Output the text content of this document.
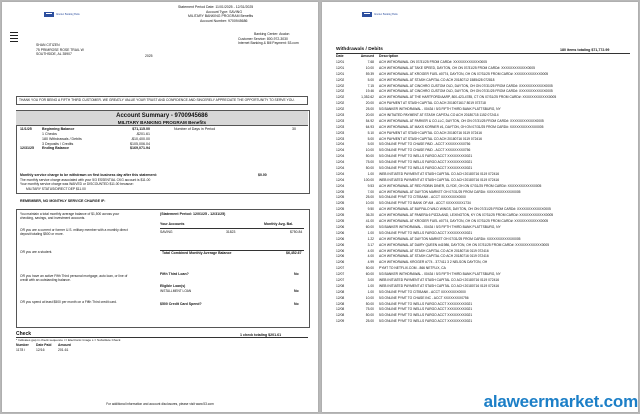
Internet Banking Bank
Statement Period Date: 11/01/2025 - 12/31/2025
Account Type: SAVING
MILITARY BANKING PROGRAM Benefits
Account Number: 9700945686
SHAN CITIZEN
75 PRIMROSE ROSE TRAIL W
SOUTHSIDE, AL 35907	2025
Banking Center: Avalon
Customer Service: 800-972-3030
Internet Banking & Bill Payment: 53.com
THANK YOU FOR BEING A FIFTH THIRD CUSTOMER. WE GREATLY VALUE YOUR TRUST AND CONFIDENCE AND SINCERELY APPRECIATE THE OPPORTUNITY TO SERVE YOU.
Account Summary - 9700945686
MILITARY BANKING PROGRAM Benefits
11/1/25	Beginning Balance	$71,115.00
1 Checks	-$201.61
180 Withdrawals / Debits	-$10,400.00
3 Deposits / Credits	$105,006.04
12/31/25	Ending Balance	$169,071.94
Number of Days in Period	30
Monthly service charge to be withdrawn on first business day after this statement:	$0.00
The monthly service charge associated with your 5/3 ESSENTIAL CKG account is $11.00
Your monthly service charge was WAIVED or DISCOUNTED $11.00 because:
MILITARY STATUS/DIRECT DEP $11.00
REMEMBER, NO MONTHLY SERVICE CHARGE IF:
You maintain a total monthly average balance of $1,500 across your checking, savings, and investment accounts.
OR you are a current or former U.S. military member with a monthly direct deposit totaling $500 or more.
OR you are a student.
OR you have an active Fifth Third personal mortgage, auto loan, or line of credit with an outstanding balance.
OR you spend at least $500 per month on a Fifth Third credit card.
(Statement Period: 12/01/25 - 12/31/25)
Your Accounts	Monthly Avg. Bal.
SAVING	31823	$750.84
Total Combined Monthly Average Balance	$6,452.67
Fifth Third Loan?	No
Eligible Loan(s)
INSTALLMENT LOAN	No
$500 Credit Card Spend?	No
Check	1 check totaling $201.61
* Indicates gap in check sequence i = Electronic Image s = Substitute Check
Number	Date Paid	Amount
1178 i	12/16	201.61
For additional information and account disclosures, please visit www.53.com
Internet Banking Bank
Withdrawals / Debits	180 items totaling $71,772.99
Date	Amount	Description
12/01	7.68	ACH WITHDRAWAL ON 07/31/25 FROM CARD#: XXXXXXXXXXXX0005
12/01	10.00	ACH WITHDRAWAL AT TAKE SPEED, DAYTON, OH ON 07/31/25 FROM CARD#: XXXXXXXXXXXX0005
12/01	59.39	ACH WITHDRAWAL AT KROGER FUEL #0774, DAYTON, OH ON 07/31/25 FROM CARD#: XXXXXXXXXXXX0005
12/02	5.00	ACH WITHDRAWAL AT STASH CAPITAL CO ACH 20180712 1585428 072818
12/02	7.15	ACH WITHDRAWAL AT CINCHRO CUSTOM OLD, DAYTON, OH ON 07/31/25 FROM CARD#: XXXXXXXXXXXX0005
12/02	19.46	ACH WITHDRAWAL AT CINCHRO CUSTOM OLD, DAYTON, OH ON 07/31/25 FROM CARD#: XXXXXXXXXXXX0005
12/02	1,352.62	ACH WITHDRAWAL AT THE HARTFORD/AARP, 800-423-4785, CT ON 07/31/25 FROM CARD#: XXXXXXXXXXXX0005
12/02	20.00	ACH PAYMENT AT STASH CAPITAL CO ACH 2018071617 8019 073718
12/02	25.00	5/3 BANKER WITHDRAWAL - 00434 / 5/3 FIFTH THIRD BANK PLATTSBURG, NY
12/03	20.00	ACH INITIATED PAYMENT AT STASH CAPITAL CO ACH 20180715 1152 072414
12/03	54.92	ACH WITHDRAWAL AT PARKER & CO.LLC, DAYTON, OH ON 07/31/25 FROM CARD#: XXXXXXXXXXXX0005
12/03	64.93	ACH WITHDRAWAL AT MAXS KORNER #1, DAYTON, OH ON 07/31/25 FROM CARD#: XXXXXXXXXXXX0005
12/03	5.10	ACH PAYMENT AT STASH CAPITAL CO ACH 20180716 0119 072416
12/03	5.00	ACH PAYMENT AT STASH CAPITAL CO ACH 20180716 0119 072416
12/04	5.00	5/3 ONLINE PYMT TO CHASE PAID - ACCT XXXXXXXX0756
12/04	10.00	5/3 ONLINE PYMT TO CHASE PAID - ACCT XXXXXXXX0756
12/04	50.00	5/3 ONLINE PYMT TO WELLS FARGO ACCT XXXXXXXX0021
12/04	75.00	5/3 ONLINE PYMT TO WELLS FARGO ACCT XXXXXXXX0021
12/04	50.00	5/3 ONLINE PYMT TO WELLS FARGO ACCT XXXXXXXX0021
12/04	1.00	WEB INITIATED PAYMENT AT STASH CAPITAL CO ACH 20180716 0119 072416
12/04	100.00	WEB INITIATED PAYMENT AT STASH CAPITAL CO ACH 20180716 0119 072416
12/04	9.53	ACH WITHDRAWAL AT RED ROBIN DINER, CLYDE, OH ON 07/31/25 FROM CARD#: XXXXXXXXXXXX0005
12/05	7.00	ACH WITHDRAWAL AT DAYTON MARKET OH 07/31/25 FROM CARD#: XXXXXXXXXXXX0005
12/05	25.00	5/3 ONLINE PYMT TO CITIBANK - ACCT XXXXXXXX0000
12/05	10.00	5/3 ONLINE PYMT TO BANK OF AM - ACCT XXXXXXXX1734
12/05	9.50	ACH WITHDRAWAL AT BUFFALO WILD WINGS, DAYTON, OH ON 07/31/25 FROM CARD#: XXXXXXXXXXXX0005
12/05	36.20	ACH WITHDRAWAL AT PANERA 6 PIZZA AND, LEXINGTON, KY ON 07/31/25 FROM CARD#: XXXXXXXXXXXX0005
12/05	41.00	ACH WITHDRAWAL AT KROGER FUEL #0774, DAYTON, OH ON 07/31/25 FROM CARD#: XXXXXXXXXXXX0005
12/06	60.00	5/3 BANKER WITHDRAWAL - 00434 / 5/3 FIFTH THIRD BANK PLATTSBURG, NY
12/06	1.00	5/3 ONLINE PYMT TO WELLS FARGO ACCT XXXXXXXX0021
12/06	1.22	ACH WITHDRAWAL AT DAYTON MARKET OH 07/31/25 FROM CARD#: XXXXXXXXXXXX0005
12/06	3.17	ACH WITHDRAWAL AT DAIRY QUEEN #41986, DAYTON, OH ON 07/31/25 FROM CARD#: XXXXXXXXXXXX0005
12/06	4.00	ACH WITHDRAWAL AT STASH CAPITAL CO ACH 20180716 0119 072416
12/06	4.00	ACH WITHDRAWAL AT STASH CAPITAL CO ACH 20180716 0119 072416
12/06	4.99	ACH WITHDRAWAL KROGER #774 - 377411 3 2 NELSON DAYTON, OH
12/07	50.00	PYMT TO NETFLIX.COM - 866 NETFLIX, CA
12/07	60.00	5/3 BANKER WITHDRAWAL - 00434 / 5/3 FIFTH THIRD BANK PLATTSBURG, NY
12/07	3.00	WEB INITIATED PAYMENT AT STASH CAPITAL CO ACH 20180716 0119 072416
12/08	1.00	WEB INITIATED PAYMENT AT STASH CAPITAL CO ACH 20180716 0119 072416
12/08	1.00	5/3 ONLINE PYMT TO CITIBANK - ACCT XXXXXXXX0000
12/08	10.00	5/3 ONLINE PYMT TO CHASE INC - ACCT XXXXXXXX0756
12/08	50.00	5/3 ONLINE PYMT TO WELLS FARGO ACCT XXXXXXXX0021
12/08	75.00	5/3 ONLINE PYMT TO WELLS FARGO ACCT XXXXXXXX0021
12/08	50.00	5/3 ONLINE PYMT TO WELLS FARGO ACCT XXXXXXXX0021
12/09	25.00	5/3 ONLINE PYMT TO WELLS FARGO ACCT XXXXXXXX0021
alaweermarket.com
